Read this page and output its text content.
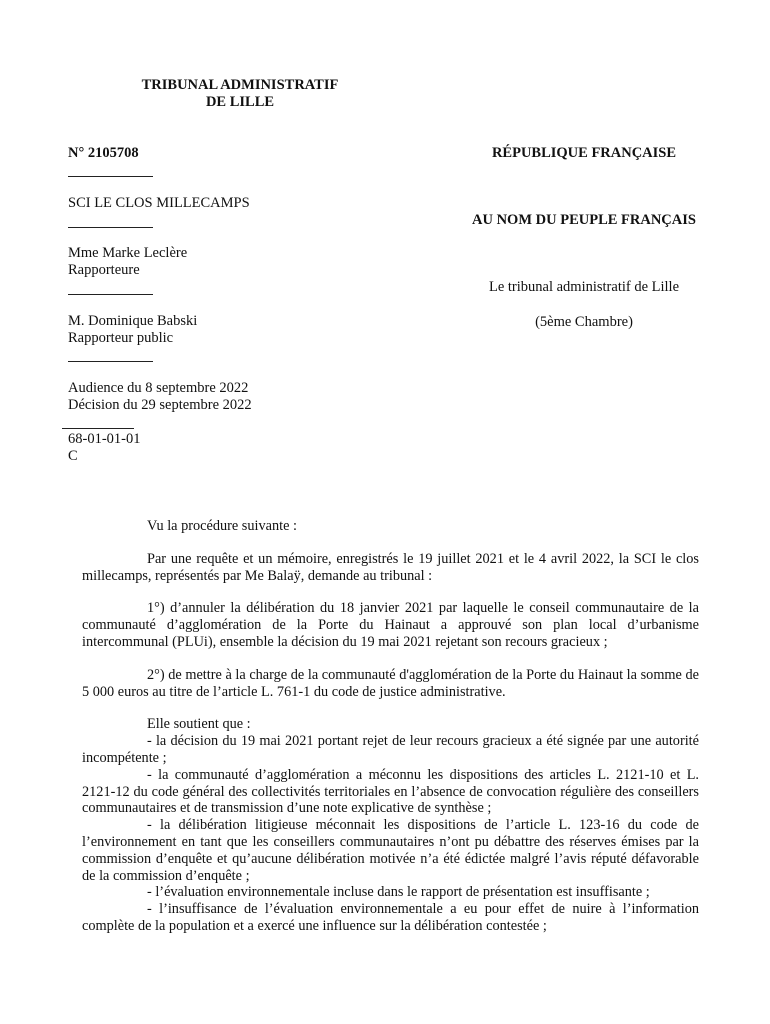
TRIBUNAL ADMINISTRATIF
DE LILLE
N° 2105708
SCI LE CLOS MILLECAMPS
Mme Marke Leclère
Rapporteure
M. Dominique Babski
Rapporteur public
Audience du 8 septembre 2022
Décision du 29 septembre 2022
68-01-01-01
C
RÉPUBLIQUE FRANÇAISE
AU NOM DU PEUPLE FRANÇAIS
Le tribunal administratif de Lille
(5ème Chambre)

Vu la procédure suivante :

Par une requête et un mémoire, enregistrés le 19 juillet 2021 et le 4 avril 2022, la SCI le clos millecamps, représentés par Me Balaÿ, demande au tribunal :

1°) d’annuler la délibération du 18 janvier 2021 par laquelle le conseil communautaire de la communauté d’agglomération de la Porte du Hainaut a approuvé son plan local d’urbanisme intercommunal (PLUi), ensemble la décision du 19 mai 2021 rejetant son recours gracieux ;

2°) de mettre à la charge de la communauté d'agglomération de la Porte du Hainaut la somme de 5 000 euros au titre de l’article L. 761-1 du code de justice administrative.

Elle soutient que :

- la décision du 19 mai 2021 portant rejet de leur recours gracieux a été signée par une autorité incompétente ;

- la communauté d’agglomération a méconnu les dispositions des articles L. 2121-10 et L. 2121-12 du code général des collectivités territoriales en l’absence de convocation régulière des conseillers communautaires et de transmission d’une note explicative de synthèse ;

- la délibération litigieuse méconnait les dispositions de l’article L. 123-16 du code de l’environnement en tant que les conseillers communautaires n’ont pu débattre des réserves émises par la commission d’enquête et qu’aucune délibération motivée n’a été édictée malgré l’avis réputé défavorable de la commission d’enquête ;

- l’évaluation environnementale incluse dans le rapport de présentation est insuffisante ;

- l’insuffisance de l’évaluation environnementale a eu pour effet de nuire à l’information complète de la population et a exercé une influence sur la délibération contestée ;
